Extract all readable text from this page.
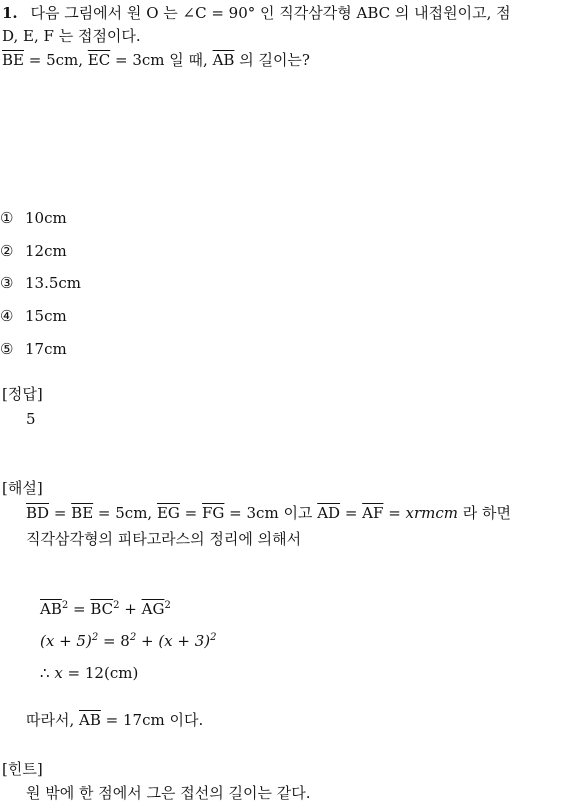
1. 다음 그림에서 원 O 는 ∠C = 90° 인 직각삼각형 ABC 의 내접원이고, 점
D, E, F 는 접점이다.
$\overline{BE} = 5cm$, $\overline{EC} = 3cm$ 일 때, $\overline{AB}$ 의 길이는?
① 10cm
② 12cm
③ 13.5cm
④ 15cm
⑤ 17cm
[정답]
5
[해설]
$\overline{BD} = \overline{BE} = 5cm$, $\overline{EG} = \overline{FG} = 3cm$ 이고 $\overline{AD} = \overline{AF}$ = xrmcm 라 하면
직각삼각형의 피타고라스의 정리에 의해서
$\overline{AB}^2 = \overline{BC}^2 + \overline{AG}^2$
$(x + 5)^2 = 8^2 + (x + 3)^2$
∴ x = 12(cm)
따라서, $\overline{AB} = 17cm$ 이다.
[힌트]
원 밖에 한 점에서 그은 접선의 길이는 같다.
